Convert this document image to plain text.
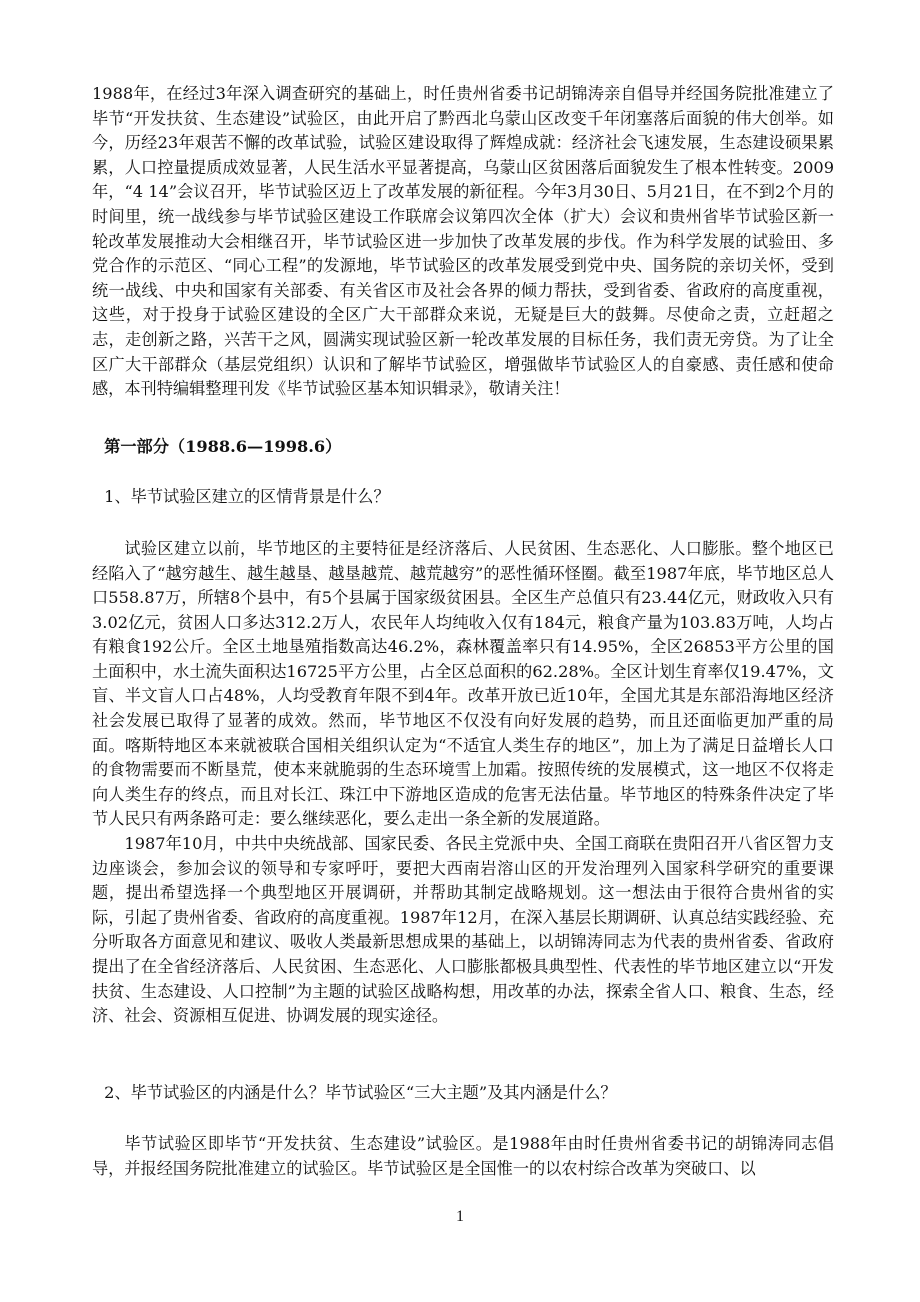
1988年，在经过3年深入调查研究的基础上，时任贵州省委书记胡锦涛亲自倡导并经国务院批准建立了毕节“开发扶贫、生态建设”试验区，由此开启了黔西北乌蒙山区改变千年闭塞落后面貌的伟大创举。如今，历经23年艰苦不懈的改革试验，试验区建设取得了辉煌成就：经济社会飞速发展，生态建设硕果累累，人口控量提质成效显著，人民生活水平显著提高，乌蒙山区贫困落后面貌发生了根本性转变。2009年，“4 14”会议召开，毕节试验区迈上了改革发展的新征程。今年3月30日、5月21日，在不到2个月的时间里，统一战线参与毕节试验区建设工作联席会议第四次全体（扩大）会议和贵州省毕节试验区新一轮改革发展推动大会相继召开，毕节试验区进一步加快了改革发展的步伐。作为科学发展的试验田、多党合作的示范区、“同心工程”的发源地，毕节试验区的改革发展受到党中央、国务院的亲切关怀，受到统一战线、中央和国家有关部委、有关省区市及社会各界的倾力帮扶，受到省委、省政府的高度重视，这些，对于投身于试验区建设的全区广大干部群众来说，无疑是巨大的鼓舞。尽使命之责，立赶超之志，走创新之路，兴苦干之风，圆满实现试验区新一轮改革发展的目标任务，我们责无旁贷。为了让全区广大干部群众（基层党组织）认识和了解毕节试验区，增强做毕节试验区人的自豪感、责任感和使命感，本刊特编辑整理刊发《毕节试验区基本知识辑录》，敬请关注！

第一部分（1988.6—1998.6）

1、毕节试验区建立的区情背景是什么？

试验区建立以前，毕节地区的主要特征是经济落后、人民贫困、生态恶化、人口膨胀。整个地区已经陷入了“越穷越生、越生越垦、越垦越荒、越荒越穷”的恶性循环怪圈。截至1987年底，毕节地区总人口558.87万，所辖8个县中，有5个县属于国家级贫困县。全区生产总值只有23.44亿元，财政收入只有3.02亿元，贫困人口多达312.2万人，农民年人均纯收入仅有184元，粮食产量为103.83万吨，人均占有粮食192公斤。全区土地垦殖指数高达46.2%，森林覆盖率只有14.95%，全区26853平方公里的国土面积中，水土流失面积达16725平方公里，占全区总面积的62.28%。全区计划生育率仅19.47%，文盲、半文盲人口占48%，人均受教育年限不到4年。改革开放已近10年，全国尤其是东部沿海地区经济社会发展已取得了显著的成效。然而，毕节地区不仅没有向好发展的趋势，而且还面临更加严重的局面。喀斯特地区本来就被联合国相关组织认定为“不适宜人类生存的地区”，加上为了满足日益增长人口的食物需要而不断垦荒，使本来就脆弱的生态环境雪上加霜。按照传统的发展模式，这一地区不仅将走向人类生存的终点，而且对长江、珠江中下游地区造成的危害无法估量。毕节地区的特殊条件决定了毕节人民只有两条路可走：要么继续恶化，要么走出一条全新的发展道路。

1987年10月，中共中央统战部、国家民委、各民主党派中央、全国工商联在贵阳召开八省区智力支边座谈会，参加会议的领导和专家呼吁，要把大西南岩溶山区的开发治理列入国家科学研究的重要课题，提出希望选择一个典型地区开展调研，并帮助其制定战略规划。这一想法由于很符合贵州省的实际，引起了贵州省委、省政府的高度重视。1987年12月，在深入基层长期调研、认真总结实践经验、充分听取各方面意见和建议、吸收人类最新思想成果的基础上，以胡锦涛同志为代表的贵州省委、省政府提出了在全省经济落后、人民贫困、生态恶化、人口膨胀都极具典型性、代表性的毕节地区建立以“开发扶贫、生态建设、人口控制”为主题的试验区战略构想，用改革的办法，探索全省人口、粮食、生态，经济、社会、资源相互促进、协调发展的现实途径。

2、毕节试验区的内涵是什么？毕节试验区“三大主题”及其内涵是什么？

毕节试验区即毕节“开发扶贫、生态建设”试验区。是1988年由时任贵州省委书记的胡锦涛同志倡导，并报经国务院批准建立的试验区。毕节试验区是全国惟一的以农村综合改革为突破口、以

1
